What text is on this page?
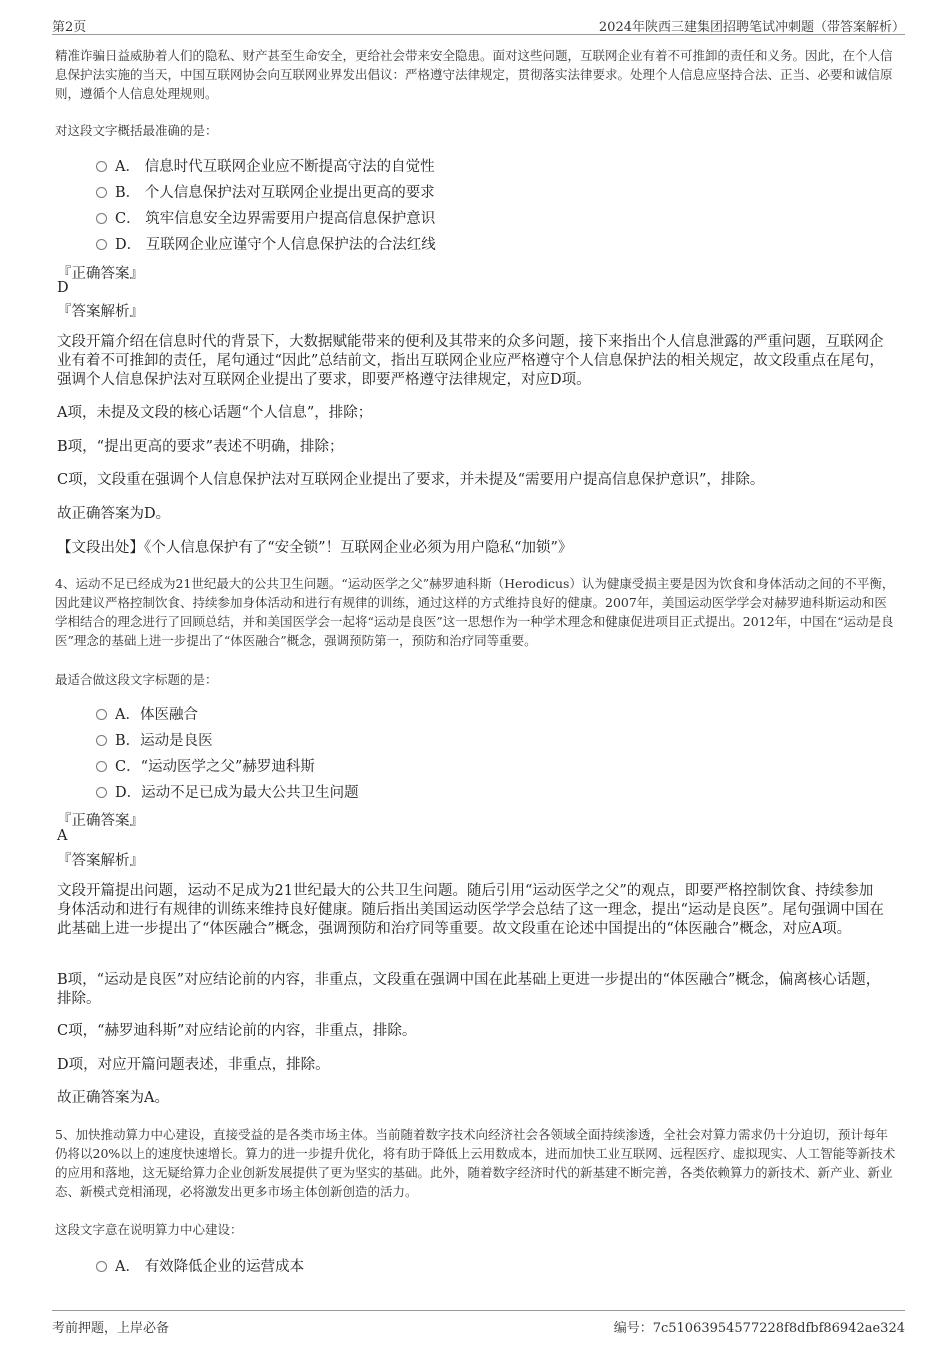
第2页	2024年陕西三建集团招聘笔试冲刺题（带答案解析）
精准诈骗日益威胁着人们的隐私、财产甚至生命安全，更给社会带来安全隐患。面对这些问题，互联网企业有着不可推卸的责任和义务。因此，在个人信息保护法实施的当天，中国互联网协会向互联网业界发出倡议：严格遵守法律规定，贯彻落实法律要求。处理个人信息应坚持合法、正当、必要和诚信原则，遵循个人信息处理规则。
对这段文字概括最准确的是：
A． 信息时代互联网企业应不断提高守法的自觉性
B． 个人信息保护法对互联网企业提出更高的要求
C． 筑牢信息安全边界需要用户提高信息保护意识
D． 互联网企业应谨守个人信息保护法的合法红线
『正确答案』
D
『答案解析』
文段开篇介绍在信息时代的背景下，大数据赋能带来的便利及其带来的众多问题，接下来指出个人信息泄露的严重问题，互联网企业有着不可推卸的责任，尾句通过“因此”总结前文，指出互联网企业应严格遵守个人信息保护法的相关规定，故文段重点在尾句，强调个人信息保护法对互联网企业提出了要求，即要严格遵守法律规定，对应D项。
A项，未提及文段的核心话题“个人信息”，排除；
B项，“提出更高的要求”表述不明确，排除；
C项，文段重在强调个人信息保护法对互联网企业提出了要求，并未提及“需要用户提高信息保护意识”，排除。
故正确答案为D。
【文段出处】《个人信息保护有了“安全锁”！互联网企业必须为用户隐私“加锁”》
4、运动不足已经成为21世纪最大的公共卫生问题。“运动医学之父”赫罗迪科斯（Herodicus）认为健康受损主要是因为饮食和身体活动之间的不平衡，因此建议严格控制饮食、持续参加身体活动和进行有规律的训练，通过这样的方式维持良好的健康。2007年，美国运动医学学会对赫罗迪科斯运动和医学相结合的理念进行了回顾总结，并和美国医学会一起将“运动是良医”这一思想作为一种学术理念和健康促进项目正式提出。2012年，中国在“运动是良医”理念的基础上进一步提出了“体医融合”概念，强调预防第一，预防和治疗同等重要。
最适合做这段文字标题的是：
A．体医融合
B．运动是良医
C．“运动医学之父”赫罗迪科斯
D．运动不足已成为最大公共卫生问题
『正确答案』
A
『答案解析』
文段开篇提出问题，运动不足成为21世纪最大的公共卫生问题。随后引用“运动医学之父”的观点，即要严格控制饮食、持续参加身体活动和进行有规律的训练来维持良好健康。随后指出美国运动医学学会总结了这一理念，提出“运动是良医”。尾句强调中国在此基础上进一步提出了“体医融合”概念，强调预防和治疗同等重要。故文段重在论述中国提出的“体医融合”概念，对应A项。
B项，“运动是良医”对应结论前的内容，非重点，文段重在强调中国在此基础上更进一步提出的“体医融合”概念，偏离核心话题，排除。
C项，“赫罗迪科斯”对应结论前的内容，非重点，排除。
D项，对应开篇问题表述，非重点，排除。
故正确答案为A。
5、加快推动算力中心建设，直接受益的是各类市场主体。当前随着数字技术向经济社会各领域全面持续渗透，全社会对算力需求仍十分迫切，预计每年仍将以20%以上的速度快速增长。算力的进一步提升优化，将有助于降低上云用数成本，进而加快工业互联网、远程医疗、虚拟现实、人工智能等新技术的应用和落地，这无疑给算力企业创新发展提供了更为坚实的基础。此外，随着数字经济时代的新基建不断完善，各类依赖算力的新技术、新产业、新业态、新模式竞相涌现，必将激发出更多市场主体创新创造的活力。
这段文字意在说明算力中心建设：
A． 有效降低企业的运营成本
考前押题，上岸必备	编号：7c51063954577228f8dfbf86942ae324
